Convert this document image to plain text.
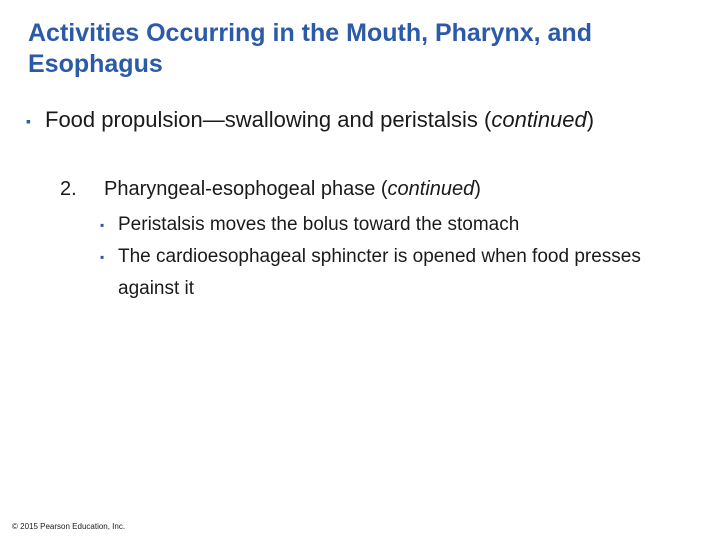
Activities Occurring in the Mouth, Pharynx, and Esophagus
▪ Food propulsion—swallowing and peristalsis (continued)
2. Pharyngeal-esophogeal phase (continued)
▪ Peristalsis moves the bolus toward the stomach
▪ The cardioesophageal sphincter is opened when food presses against it
© 2015 Pearson Education, Inc.
